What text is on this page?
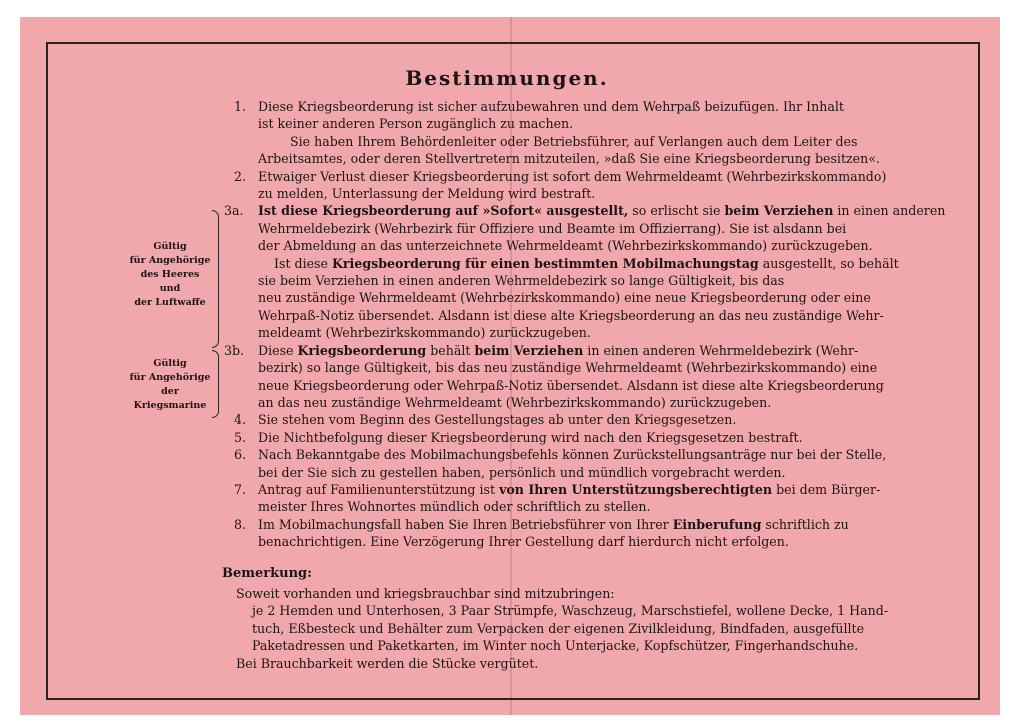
Bestimmungen.
Gültig
für Angehörige
des Heeres
und
der Luftwaffe
Gültig
für Angehörige
der
Kriegsmarine
1. Diese Kriegsbeorderung ist sicher aufzubewahren und dem Wehrpaß beizufügen. Ihr Inhalt
ist keiner anderen Person zugänglich zu machen.
Sie haben Ihrem Behördenleiter oder Betriebsführer, auf Verlangen auch dem Leiter des
Arbeitsamtes, oder deren Stellvertretern mitzuteilen, »daß Sie eine Kriegsbeorderung besitzen«.
2. Etwaiger Verlust dieser Kriegsbeorderung ist sofort dem Wehrmeldeamt (Wehrbezirkskommando)
zu melden, Unterlassung der Meldung wird bestraft.
3a. Ist diese Kriegsbeorderung auf »Sofort« ausgestellt, so erlischt sie beim Verziehen in einen anderen
Wehrmeldebezirk (Wehrbezirk für Offiziere und Beamte im Offizierrang). Sie ist alsdann bei
der Abmeldung an das unterzeichnete Wehrmeldeamt (Wehrbezirkskommando) zurückzugeben.
Ist diese Kriegsbeorderung für einen bestimmten Mobilmachungstag ausgestellt, so behält
sie beim Verziehen in einen anderen Wehrmeldebezirk so lange Gültigkeit, bis das
neu zuständige Wehrmeldeamt (Wehrbezirkskommando) eine neue Kriegsbeorderung oder eine
Wehrpaß-Notiz übersendet. Alsdann ist diese alte Kriegsbeorderung an das neu zuständige Wehr-
meldeamt (Wehrbezirkskommando) zurückzugeben.
3b. Diese Kriegsbeorderung behält beim Verziehen in einen anderen Wehrmeldebezirk (Wehr-
bezirk) so lange Gültigkeit, bis das neu zuständige Wehrmeldeamt (Wehrbezirkskommando) eine
neue Kriegsbeorderung oder Wehrpaß-Notiz übersendet. Alsdann ist diese alte Kriegsbeorderung
an das neu zuständige Wehrmeldeamt (Wehrbezirkskommando) zurückzugeben.
4. Sie stehen vom Beginn des Gestellungstages ab unter den Kriegsgesetzen.
5. Die Nichtbefolgung dieser Kriegsbeorderung wird nach den Kriegsgesetzen bestraft.
6. Nach Bekanntgabe des Mobilmachungsbefehls können Zurückstellungsanträge nur bei der Stelle,
bei der Sie sich zu gestellen haben, persönlich und mündlich vorgebracht werden.
7. Antrag auf Familienunterstützung ist von Ihren Unterstützungsberechtigten bei dem Bürger-
meister Ihres Wohnortes mündlich oder schriftlich zu stellen.
8. Im Mobilmachungsfall haben Sie Ihren Betriebsführer von Ihrer Einberufung schriftlich zu
benachrichtigen. Eine Verzögerung Ihrer Gestellung darf hierdurch nicht erfolgen.
Bemerkung:
Soweit vorhanden und kriegsbrauchbar sind mitzubringen:
je 2 Hemden und Unterhosen, 3 Paar Strümpfe, Waschzeug, Marschstiefel, wollene Decke, 1 Hand-
tuch, Eßbesteck und Behälter zum Verpacken der eigenen Zivilkleidung, Bindfaden, ausgefüllte
Paketadressen und Paketkarten, im Winter noch Unterjacke, Kopfschützer, Fingerhandschuhe.
Bei Brauchbarkeit werden die Stücke vergütet.
